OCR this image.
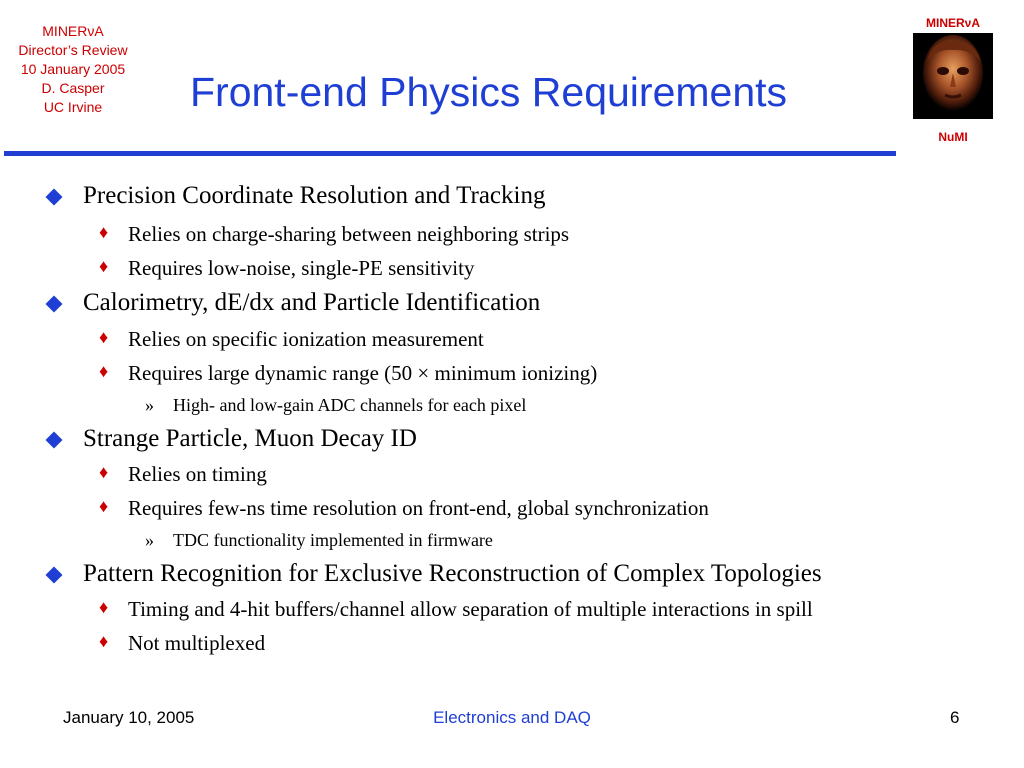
MINERνA
Director’s Review
10 January 2005
D. Casper
UC Irvine	Front-end Physics Requirements
MINERνA
NuMI
Precision Coordinate Resolution and Tracking
♦ Relies on charge-sharing between neighboring strips
♦ Requires low-noise, single-PE sensitivity
Calorimetry, dE/dx and Particle Identification
♦ Relies on specific ionization measurement
♦ Requires large dynamic range (50 × minimum ionizing)
» High- and low-gain ADC channels for each pixel
Strange Particle, Muon Decay ID
♦ Relies on timing
♦ Requires few-ns time resolution on front-end, global synchronization
» TDC functionality implemented in firmware
Pattern Recognition for Exclusive Reconstruction of Complex Topologies
♦ Timing and 4-hit buffers/channel allow separation of multiple interactions in spill
♦ Not multiplexed
January 10, 2005	Electronics and DAQ	6
